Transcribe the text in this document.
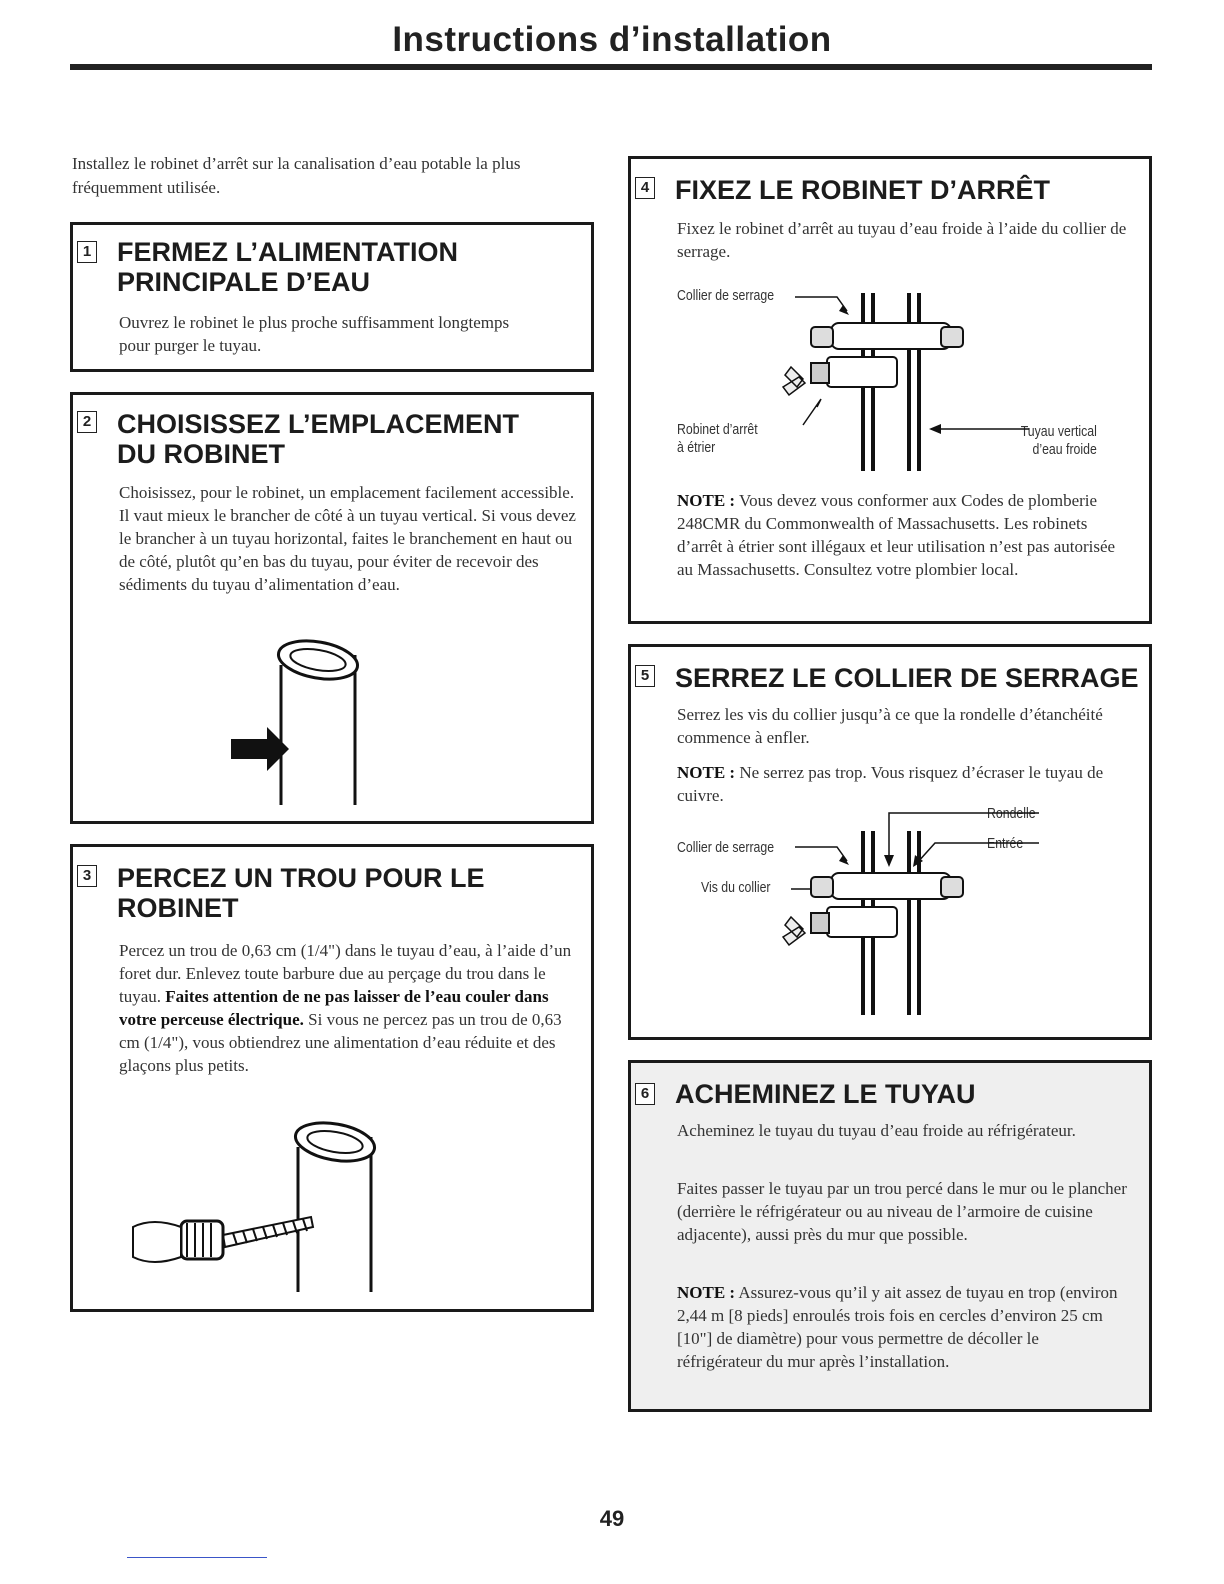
Instructions d’installation
Installez le robinet d’arrêt sur la canalisation d’eau potable la plus fréquemment utilisée.
1 FERMEZ L’ALIMENTATION
PRINCIPALE D’EAU
Ouvrez le robinet le plus proche suffisamment longtemps pour purger le tuyau.
2 CHOISISSEZ L’EMPLACEMENT
DU ROBINET
Choisissez, pour le robinet, un emplacement facilement accessible. Il vaut mieux le brancher de côté à un tuyau vertical. Si vous devez le brancher à un tuyau horizontal, faites le branchement en haut ou de côté, plutôt qu’en bas du tuyau, pour éviter de recevoir des sédiments du tuyau d’alimentation d’eau.
3 PERCEZ UN TROU POUR LE
ROBINET
Percez un trou de 0,63 cm (1/4") dans le tuyau d’eau, à l’aide d’un foret dur. Enlevez toute barbure due au perçage du trou dans le tuyau. Faites attention de ne pas laisser de l’eau couler dans votre perceuse électrique. Si vous ne percez pas un trou de 0,63 cm (1/4"), vous obtiendrez une alimentation d’eau réduite et des glaçons plus petits.
4 FIXEZ LE ROBINET D’ARRÊT
Fixez le robinet d’arrêt au tuyau d’eau froide à l’aide du collier de serrage.
Collier de serrage
Robinet d’arrêt
à étrier
Tuyau vertical
d’eau froide
NOTE : Vous devez vous conformer aux Codes de plomberie 248CMR du Commonwealth of Massachusetts. Les robinets d’arrêt à étrier sont illégaux et leur utilisation n’est pas autorisée au Massachusetts. Consultez votre plombier local.
5 SERREZ LE COLLIER DE SERRAGE
Serrez les vis du collier jusqu’à ce que la rondelle d’étanchéité commence à enfler.
NOTE : Ne serrez pas trop. Vous risquez d’écraser le tuyau de cuivre.
Rondelle
Entrée
Collier de serrage
Vis du collier
6 ACHEMINEZ LE TUYAU
Acheminez le tuyau du tuyau d’eau froide au réfrigérateur.
Faites passer le tuyau par un trou percé dans le mur ou le plancher (derrière le réfrigérateur ou au niveau de l’armoire de cuisine adjacente), aussi près du mur que possible.
NOTE : Assurez-vous qu’il y ait assez de tuyau en trop (environ 2,44 m [8 pieds] enroulés trois fois en cercles d’environ 25 cm [10"] de diamètre) pour vous permettre de décoller le réfrigérateur du mur après l’installation.
49
